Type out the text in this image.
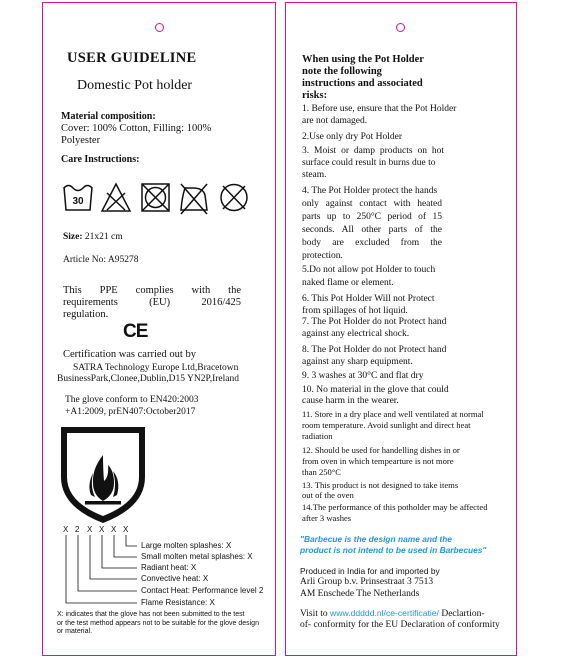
USER GUIDELINE
Domestic Pot holder
Material composition:
Cover: 100% Cotton, Filling: 100%
Polyester
Care Instructions:
30
Size: 21x21 cm
Article No: A95278
This PPE complies with the
requirements (EU) 2016/425
regulation.
CE
Certification was carried out by
SATRA Technology Europe Ltd,Bracetown
BusinessPark,Clonee,Dublin,D15 YN2P,Ireland
The glove conform to EN420:2003
+A1:2009, prEN407:October2017
X 2 X X X X
Large molten splashes: X
Small molten metal splashes: X
Radiant heat: X
Convective heat: X
Contact Heat: Performance level 2
Flame Resistance: X
X: indicates that the glove has not been submitted to the test
or the test method appears not to be suitable for the glove design
or material.
When using the Pot Holder
note the following
instructions and associated
risks:
1. Before use, ensure that the Pot Holder
are not damaged.
2.Use only dry Pot Holder
3. Moist or damp products on hot
surface could result in burns due to
steam.
4. The Pot Holder protect the hands
only against contact with heated
parts up to 250°C period of 15
seconds. All other parts of the
body are excluded from the
protection.
5.Do not allow pot Holder to touch
naked flame or element.
6. This Pot Holder Will not Protect
from spillages of hot liquid.
7. The Pot Holder do not Protect hand
against any electrical shock.
8. The Pot Holder do not Protect hand
against any sharp equipment.
9. 3 washes at 30°C and flat dry
10. No material in the glove that could
cause harm in the wearer.
11. Store in a dry place and well ventilated at normal
room temperature. Avoid sunlight and direct heat
radiation
12. Should be used for handelling dishes in or
from oven in which tempearture is not more
than 250°C
13. This product is not designed to take items
out of the oven
14.The performance of this potholder may be affected
after 3 washes
"Barbecue is the design name and the
product is not intend to be used in Barbecues"
Produced in India for and imported by
Arli Group b.v. Prinsestraat 3 7513
AM Enschede The Netherlands
Visit to www.ddddd.nl/ce-certificatie/ Declartion-
of- conformity for the EU Declaration of conformity
